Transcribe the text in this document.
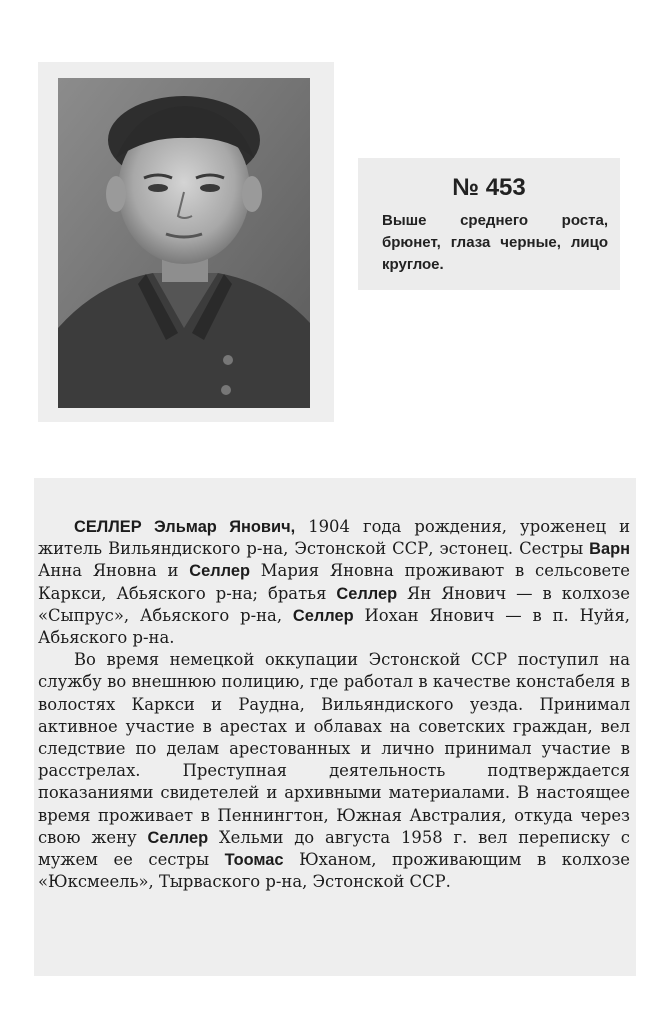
№ 453
Выше среднего роста, брюнет, глаза черные, лицо круглое.

СЕЛЛЕР Эльмар Янович, 1904 года рождения, уроженец и житель Вильяндиского р-на, Эстонской ССР, эстонец. Сестры Варн Анна Яновна и Селлер Мария Яновна проживают в сельсовете Каркси, Абьяского р-на; братья Селлер Ян Янович — в колхозе «Сыпрус», Абьяского р-на, Селлер Иохан Янович — в п. Нуйя, Абьяского р-на.

Во время немецкой оккупации Эстонской ССР поступил на службу во внешнюю полицию, где работал в качестве констабеля в волостях Каркси и Раудна, Вильяндиского уезда. Принимал активное участие в арестах и облавах на советских граждан, вел следствие по делам арестованных и лично принимал участие в расстрелах. Преступная деятельность подтверждается показаниями свидетелей и архивными материалами. В настоящее время проживает в Пеннингтон, Южная Австралия, откуда через свою жену Селлер Хельми до августа 1958 г. вел переписку с мужем ее сестры Тоомас Юханом, проживающим в колхозе «Юксмеель», Тырваского р-на, Эстонской ССР.
